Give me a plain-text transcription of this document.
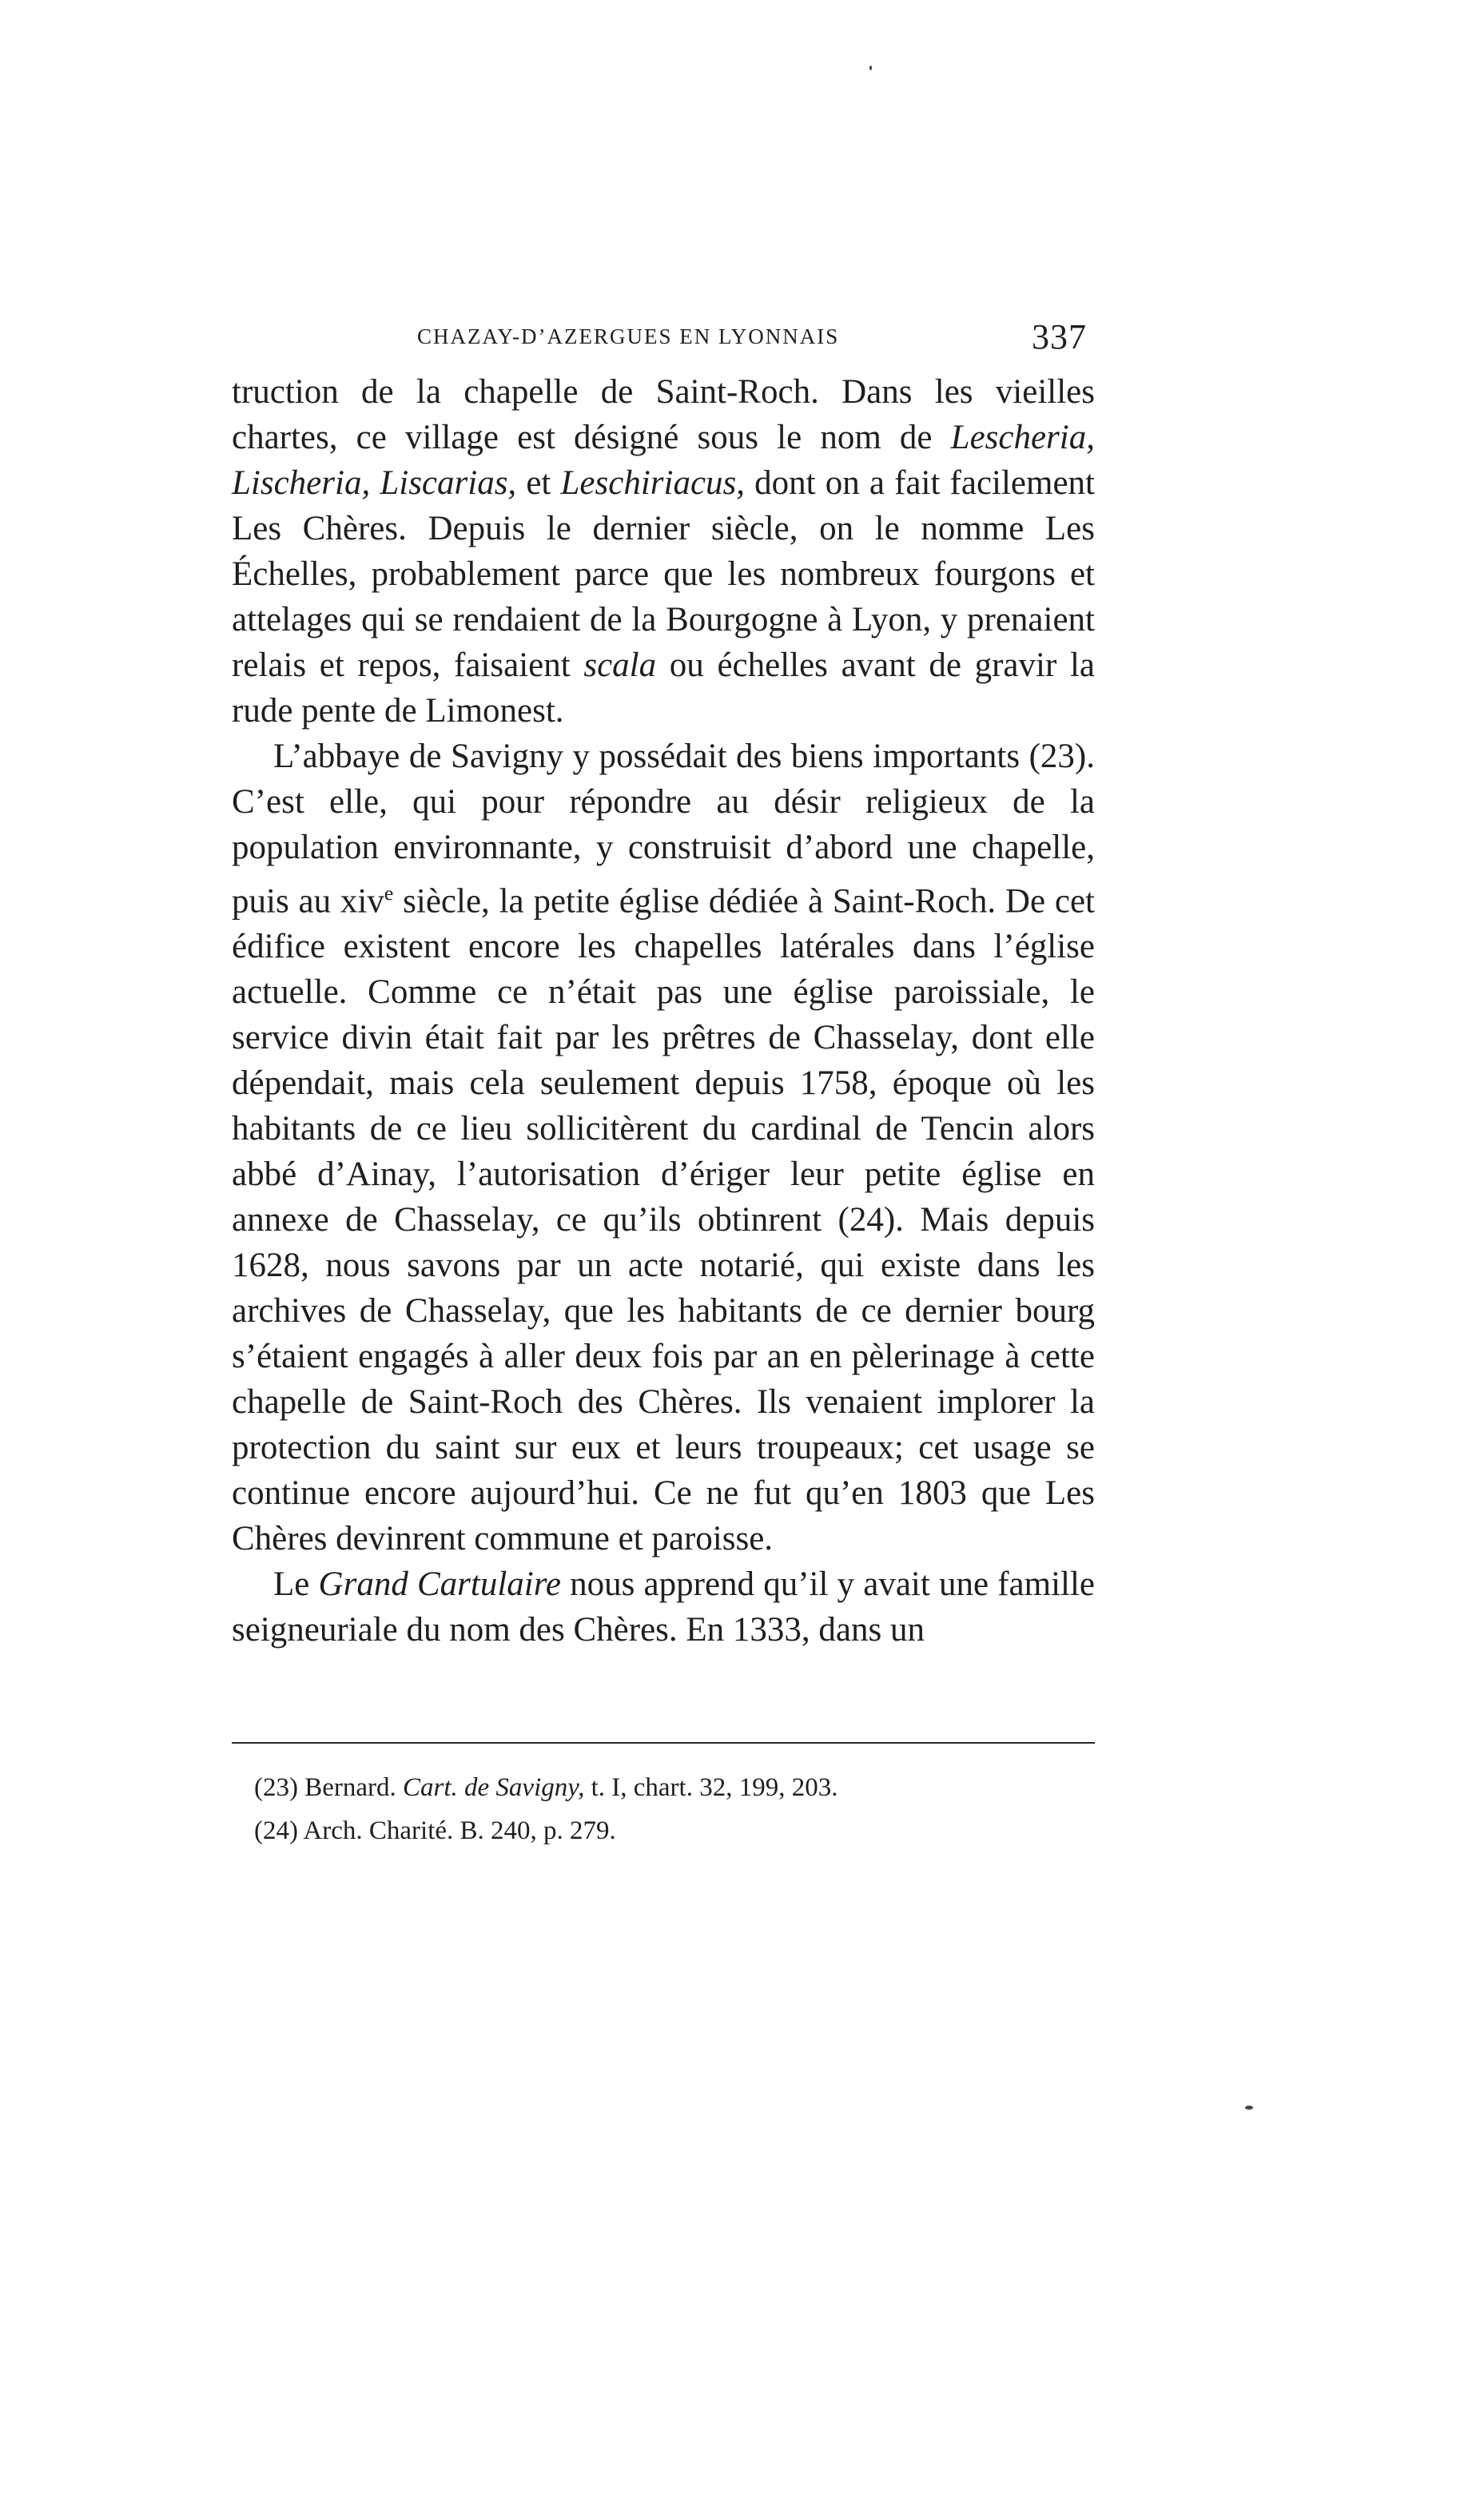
CHAZAY-D’AZERGUES EN LYONNAIS	337

truction de la chapelle de Saint-Roch. Dans les vieilles chartes, ce village est désigné sous le nom de Lescheria, Lischeria, Liscarias, et Leschiriacus, dont on a fait facilement Les Chères. Depuis le dernier siècle, on le nomme Les Échelles, probablement parce que les nombreux fourgons et attelages qui se rendaient de la Bourgogne à Lyon, y prenaient relais et repos, faisaient scala ou échelles avant de gravir la rude pente de Limonest.

L’abbaye de Savigny y possédait des biens importants (23). C’est elle, qui pour répondre au désir religieux de la population environnante, y construisit d’abord une chapelle, puis au xiv$^e$ siècle, la petite église dédiée à Saint-Roch. De cet édifice existent encore les chapelles latérales dans l’église actuelle. Comme ce n’était pas une église paroissiale, le service divin était fait par les prêtres de Chasselay, dont elle dépendait, mais cela seulement depuis 1758, époque où les habitants de ce lieu sollicitèrent du cardinal de Tencin alors abbé d’Ainay, l’autorisation d’ériger leur petite église en annexe de Chasselay, ce qu’ils obtinrent (24). Mais depuis 1628, nous savons par un acte notarié, qui existe dans les archives de Chasselay, que les habitants de ce dernier bourg s’étaient engagés à aller deux fois par an en pèlerinage à cette chapelle de Saint-Roch des Chères. Ils venaient implorer la protection du saint sur eux et leurs troupeaux; cet usage se continue encore aujourd’hui. Ce ne fut qu’en 1803 que Les Chères devinrent commune et paroisse.

Le Grand Cartulaire nous apprend qu’il y avait une famille seigneuriale du nom des Chères. En 1333, dans un

(23) Bernard. Cart. de Savigny, t. I, chart. 32, 199, 203.

(24) Arch. Charité. B. 240, p. 279.
